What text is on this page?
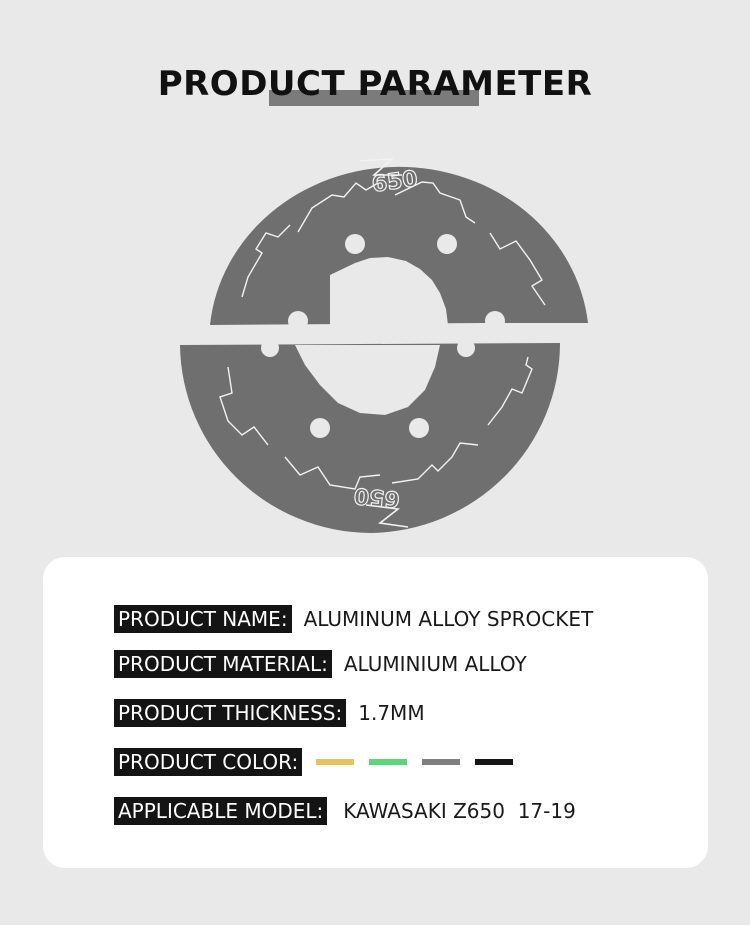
PRODUCT PARAMETER
650
650
PRODUCT NAME: ALUMINUM ALLOY SPROCKET
PRODUCT MATERIAL: ALUMINIUM ALLOY
PRODUCT THICKNESS: 1.7MM
PRODUCT COLOR:
APPLICABLE MODEL: KAWASAKI Z650  17-19
